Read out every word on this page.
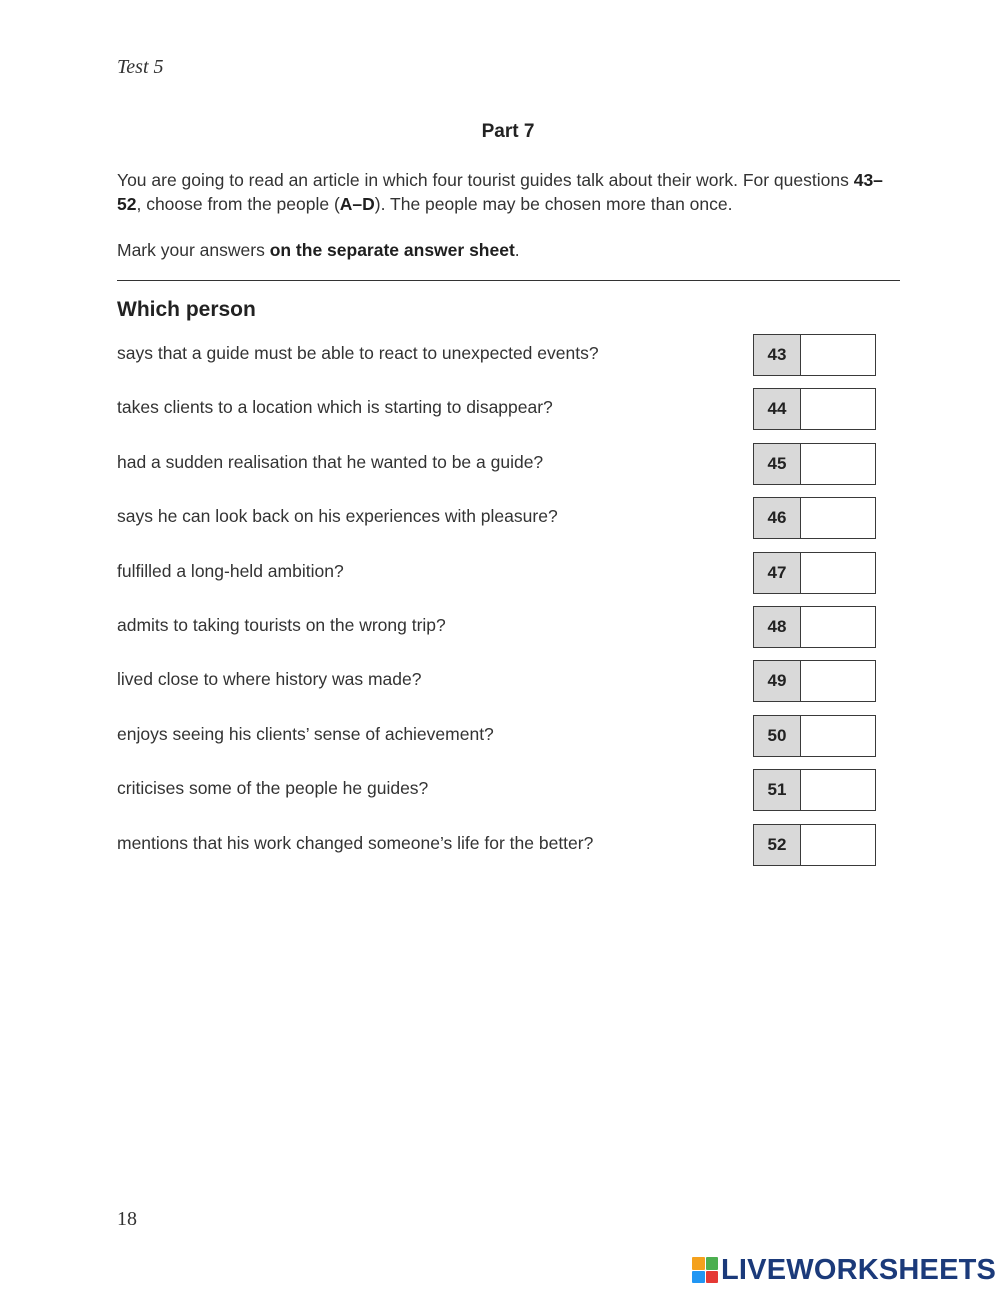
Test 5
Part 7

You are going to read an article in which four tourist guides talk about their work. For questions 43–52, choose from the people (A–D). The people may be chosen more than once.

Mark your answers on the separate answer sheet.

Which person
says that a guide must be able to react to unexpected events?	43
takes clients to a location which is starting to disappear?	44
had a sudden realisation that he wanted to be a guide?	45
says he can look back on his experiences with pleasure?	46
fulfilled a long-held ambition?	47
admits to taking tourists on the wrong trip?	48
lived close to where history was made?	49
enjoys seeing his clients’ sense of achievement?	50
criticises some of the people he guides?	51
mentions that his work changed someone’s life for the better?	52
18
LIVEWORKSHEETS
